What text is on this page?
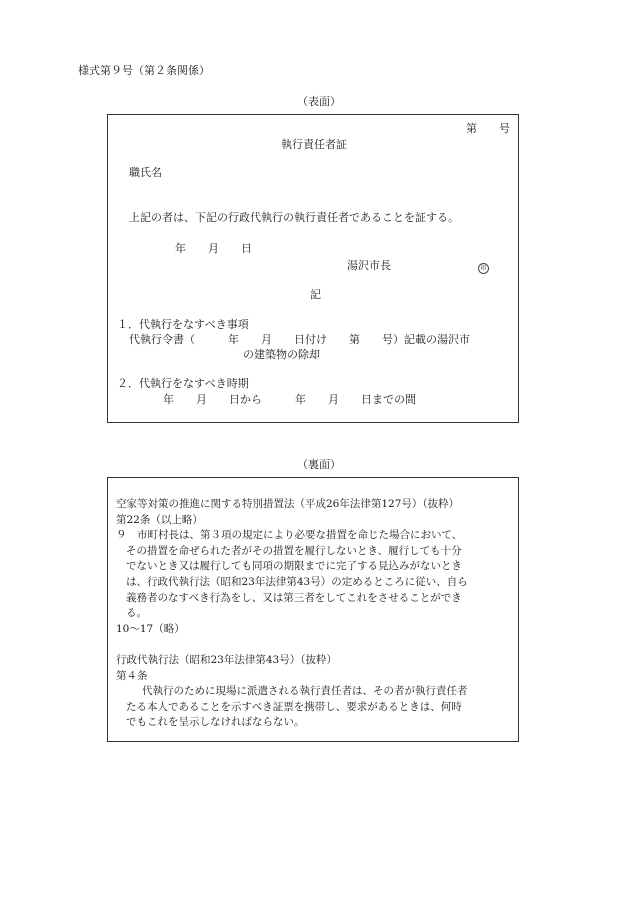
様式第９号（第２条関係）
（表面）
第　　号
執行責任者証
職氏名
上記の者は、下記の行政代執行の執行責任者であることを証する。
年　　月　　日
湯沢市長	印
記
１．代執行をなすべき事項
代執行令書（　　　年　　月　　日付け　　第　　号）記載の湯沢市
の建築物の除却
２．代執行をなすべき時期
年　　月　　日から　　　年　　月　　日までの間
（裏面）
空家等対策の推進に関する特別措置法（平成26年法律第127号）（抜粋）
第22条（以上略）
９　市町村長は、第３項の規定により必要な措置を命じた場合において、
その措置を命ぜられた者がその措置を履行しないとき、履行しても十分
でないとき又は履行しても同項の期限までに完了する見込みがないとき
は、行政代執行法（昭和23年法律第43号）の定めるところに従い、自ら
義務者のなすべき行為をし、又は第三者をしてこれをさせることができ
る。
10～17（略）
行政代執行法（昭和23年法律第43号）（抜粋）
第４条
代執行のために現場に派遣される執行責任者は、その者が執行責任者
たる本人であることを示すべき証票を携帯し、要求があるときは、何時
でもこれを呈示しなければならない。
